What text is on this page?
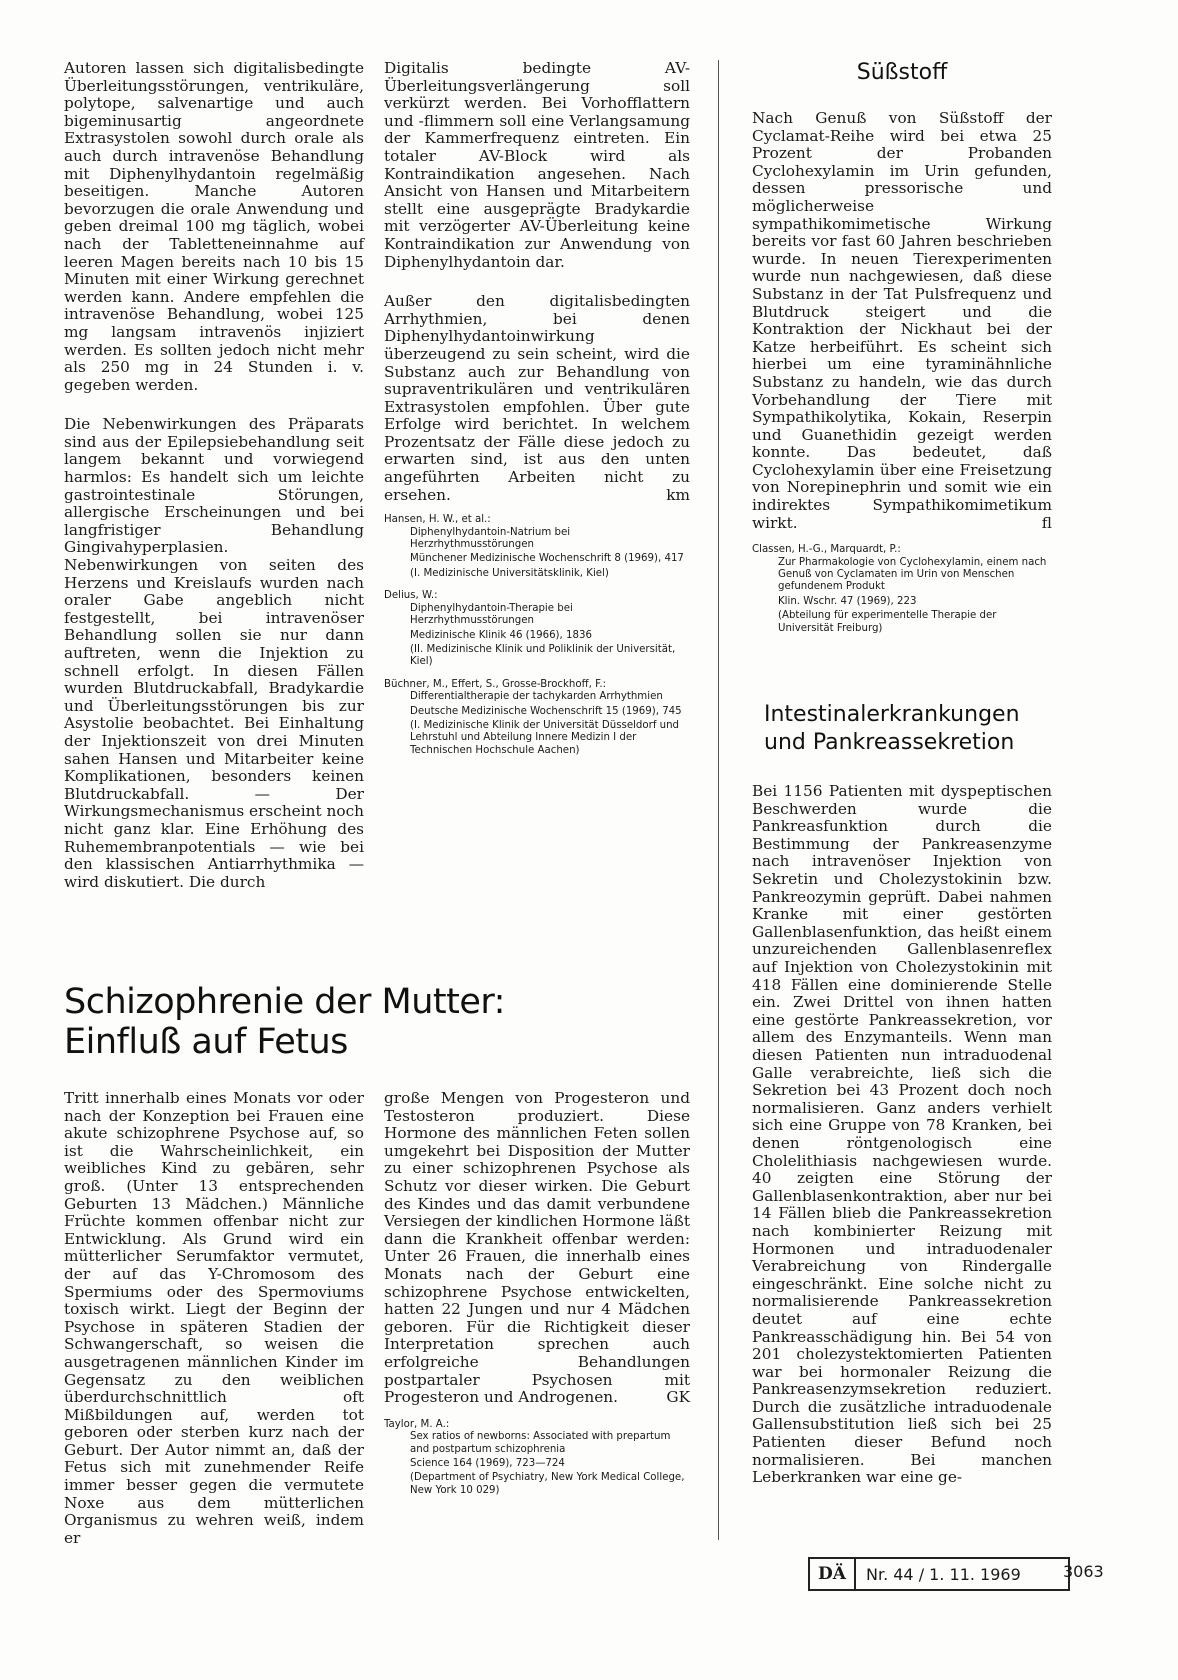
Autoren lassen sich digitalisbedingte Überleitungsstörungen, ventrikuläre, polytope, salvenartige und auch bigeminusartig angeordnete Extrasystolen sowohl durch orale als auch durch intravenöse Behandlung mit Diphenylhydantoin regelmäßig beseitigen. Manche Autoren bevorzugen die orale Anwendung und geben dreimal 100 mg täglich, wobei nach der Tabletteneinnahme auf leeren Magen bereits nach 10 bis 15 Minuten mit einer Wirkung gerechnet werden kann. Andere empfehlen die intravenöse Behandlung, wobei 125 mg langsam intravenös injiziert werden. Es sollten jedoch nicht mehr als 250 mg in 24 Stunden i. v. gegeben werden.

Die Nebenwirkungen des Präparats sind aus der Epilepsiebehandlung seit langem bekannt und vorwiegend harmlos: Es handelt sich um leichte gastrointestinale Störungen, allergische Erscheinungen und bei langfristiger Behandlung Gingivahyperplasien. Nebenwirkungen von seiten des Herzens und Kreislaufs wurden nach oraler Gabe angeblich nicht festgestellt, bei intravenöser Behandlung sollen sie nur dann auftreten, wenn die Injektion zu schnell erfolgt. In diesen Fällen wurden Blutdruckabfall, Bradykardie und Überleitungsstörungen bis zur Asystolie beobachtet. Bei Einhaltung der Injektionszeit von drei Minuten sahen Hansen und Mitarbeiter keine Komplikationen, besonders keinen Blutdruckabfall. — Der Wirkungsmechanismus erscheint noch nicht ganz klar. Eine Erhöhung des Ruhemembranpotentials — wie bei den klassischen Antiarrhythmika — wird diskutiert. Die durch

Digitalis bedingte AV-Überleitungsverlängerung soll verkürzt werden. Bei Vorhofflattern und -flimmern soll eine Verlangsamung der Kammerfrequenz eintreten. Ein totaler AV-Block wird als Kontraindikation angesehen. Nach Ansicht von Hansen und Mitarbeitern stellt eine ausgeprägte Bradykardie mit verzögerter AV-Überleitung keine Kontraindikation zur Anwendung von Diphenylhydantoin dar.

Außer den digitalisbedingten Arrhythmien, bei denen Diphenylhydantoinwirkung überzeugend zu sein scheint, wird die Substanz auch zur Behandlung von supraventrikulären und ventrikulären Extrasystolen empfohlen. Über gute Erfolge wird berichtet. In welchem Prozentsatz der Fälle diese jedoch zu erwarten sind, ist aus den unten angeführten Arbeiten nicht zu ersehen.	km

Hansen, H. W., et al.:
Diphenylhydantoin-Natrium bei Herzrhythmusstörungen
Münchener Medizinische Wochenschrift 8 (1969), 417
(I. Medizinische Universitätsklinik, Kiel)
Delius, W.:
Diphenylhydantoin-Therapie bei Herzrhythmusstörungen
Medizinische Klinik 46 (1966), 1836
(II. Medizinische Klinik und Poliklinik der Universität, Kiel)
Büchner, M., Effert, S., Grosse-Brockhoff, F.:
Differentialtherapie der tachykarden Arrhythmien
Deutsche Medizinische Wochenschrift 15 (1969), 745
(I. Medizinische Klinik der Universität Düsseldorf und Lehrstuhl und Abteilung Innere Medizin I der Technischen Hochschule Aachen)
Süßstoff

Nach Genuß von Süßstoff der Cyclamat-Reihe wird bei etwa 25 Prozent der Probanden Cyclohexylamin im Urin gefunden, dessen pressorische und möglicherweise sympathikomimetische Wirkung bereits vor fast 60 Jahren beschrieben wurde. In neuen Tierexperimenten wurde nun nachgewiesen, daß diese Substanz in der Tat Pulsfrequenz und Blutdruck steigert und die Kontraktion der Nickhaut bei der Katze herbeiführt. Es scheint sich hierbei um eine tyraminähnliche Substanz zu handeln, wie das durch Vorbehandlung der Tiere mit Sympathikolytika, Kokain, Reserpin und Guanethidin gezeigt werden konnte. Das bedeutet, daß Cyclohexylamin über eine Freisetzung von Norepinephrin und somit wie ein indirektes Sympathikomimetikum wirkt.	fl

Classen, H.-G., Marquardt, P.:
Zur Pharmakologie von Cyclohexylamin, einem nach Genuß von Cyclamaten im Urin von Menschen gefundenem Produkt
Klin. Wschr. 47 (1969), 223
(Abteilung für experimentelle Therapie der Universität Freiburg)
Intestinalerkrankungen
und Pankreassekretion

Bei 1156 Patienten mit dyspeptischen Beschwerden wurde die Pankreasfunktion durch die Bestimmung der Pankreasenzyme nach intravenöser Injektion von Sekretin und Cholezystokinin bzw. Pankreozymin geprüft. Dabei nahmen Kranke mit einer gestörten Gallenblasenfunktion, das heißt einem unzureichenden Gallenblasenreflex auf Injektion von Cholezystokinin mit 418 Fällen eine dominierende Stelle ein. Zwei Drittel von ihnen hatten eine gestörte Pankreassekretion, vor allem des Enzymanteils. Wenn man diesen Patienten nun intraduodenal Galle verabreichte, ließ sich die Sekretion bei 43 Prozent doch noch normalisieren. Ganz anders verhielt sich eine Gruppe von 78 Kranken, bei denen röntgenologisch eine Cholelithiasis nachgewiesen wurde. 40 zeigten eine Störung der Gallenblasenkontraktion, aber nur bei 14 Fällen blieb die Pankreassekretion nach kombinierter Reizung mit Hormonen und intraduodenaler Verabreichung von Rindergalle eingeschränkt. Eine solche nicht zu normalisierende Pankreassekretion deutet auf eine echte Pankreasschädigung hin. Bei 54 von 201 cholezystektomierten Patienten war bei hormonaler Reizung die Pankreasenzymsekretion reduziert. Durch die zusätzliche intraduodenale Gallensubstitution ließ sich bei 25 Patienten dieser Befund noch normalisieren. Bei manchen Leberkranken war eine ge-

Schizophrenie der Mutter:
Einfluß auf Fetus

Tritt innerhalb eines Monats vor oder nach der Konzeption bei Frauen eine akute schizophrene Psychose auf, so ist die Wahrscheinlichkeit, ein weibliches Kind zu gebären, sehr groß. (Unter 13 entsprechenden Geburten 13 Mädchen.) Männliche Früchte kommen offenbar nicht zur Entwicklung. Als Grund wird ein mütterlicher Serumfaktor vermutet, der auf das Y-Chromosom des Spermiums oder des Spermoviums toxisch wirkt. Liegt der Beginn der Psychose in späteren Stadien der Schwangerschaft, so weisen die ausgetragenen männlichen Kinder im Gegensatz zu den weiblichen überdurchschnittlich oft Mißbildungen auf, werden tot geboren oder sterben kurz nach der Geburt. Der Autor nimmt an, daß der Fetus sich mit zunehmender Reife immer besser gegen die vermutete Noxe aus dem mütterlichen Organismus zu wehren weiß, indem er

große Mengen von Progesteron und Testosteron produziert. Diese Hormone des männlichen Feten sollen umgekehrt bei Disposition der Mutter zu einer schizophrenen Psychose als Schutz vor dieser wirken. Die Geburt des Kindes und das damit verbundene Versiegen der kindlichen Hormone läßt dann die Krankheit offenbar werden: Unter 26 Frauen, die innerhalb eines Monats nach der Geburt eine schizophrene Psychose entwickelten, hatten 22 Jungen und nur 4 Mädchen geboren. Für die Richtigkeit dieser Interpretation sprechen auch erfolgreiche Behandlungen postpartaler Psychosen mit Progesteron und Androgenen.	GK

Taylor, M. A.:
Sex ratios of newborns: Associated with prepartum and postpartum schizophrenia
Science 164 (1969), 723—724
(Department of Psychiatry, New York Medical College, New York 10 029)
DÄ	Nr. 44 / 1. 11. 1969	3063
